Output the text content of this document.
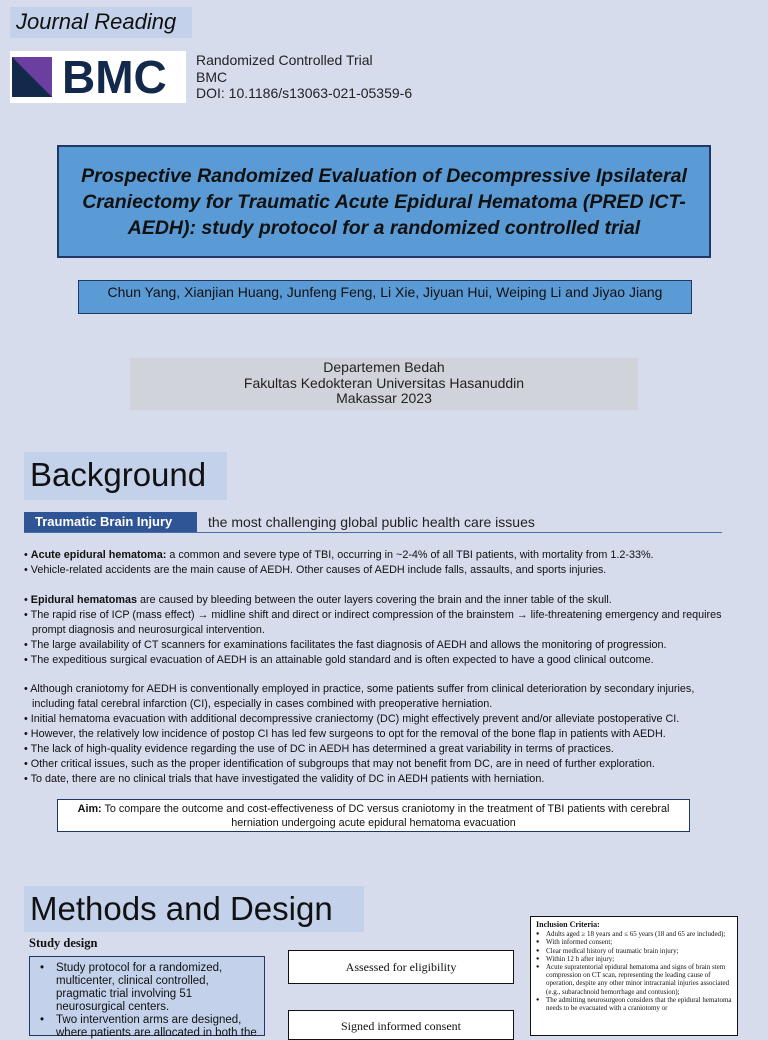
Journal Reading
BMC Randomized Controlled Trial
BMC
DOI: 10.1186/s13063-021-05359-6
Prospective Randomized Evaluation of Decompressive Ipsilateral Craniectomy for Traumatic Acute Epidural Hematoma (PRED ICT-AEDH): study protocol for a randomized controlled trial
Chun Yang, Xianjian Huang, Junfeng Feng, Li Xie, Jiyuan Hui, Weiping Li and Jiyao Jiang
Departemen Bedah
Fakultas Kedokteran Universitas Hasanuddin
Makassar 2023
Background
Traumatic Brain Injury	the most challenging global public health care issues
• Acute epidural hematoma: a common and severe type of TBI, occurring in ~2-4% of all TBI patients, with mortality from 1.2-33%.
• Vehicle-related accidents are the main cause of AEDH. Other causes of AEDH include falls, assaults, and sports injuries.
• Epidural hematomas are caused by bleeding between the outer layers covering the brain and the inner table of the skull.
• The rapid rise of ICP (mass effect) → midline shift and direct or indirect compression of the brainstem → life-threatening emergency and requires prompt diagnosis and neurosurgical intervention.
• The large availability of CT scanners for examinations facilitates the fast diagnosis of AEDH and allows the monitoring of progression.
• The expeditious surgical evacuation of AEDH is an attainable gold standard and is often expected to have a good clinical outcome.
• Although craniotomy for AEDH is conventionally employed in practice, some patients suffer from clinical deterioration by secondary injuries, including fatal cerebral infarction (CI), especially in cases combined with preoperative herniation.
• Initial hematoma evacuation with additional decompressive craniectomy (DC) might effectively prevent and/or alleviate postoperative CI.
• However, the relatively low incidence of postop CI has led few surgeons to opt for the removal of the bone flap in patients with AEDH.
• The lack of high-quality evidence regarding the use of DC in AEDH has determined a great variability in terms of practices.
• Other critical issues, such as the proper identification of subgroups that may not benefit from DC, are in need of further exploration.
• To date, there are no clinical trials that have investigated the validity of DC in AEDH patients with herniation.
Aim: To compare the outcome and cost-effectiveness of DC versus craniotomy in the treatment of TBI patients with cerebral herniation undergoing acute epidural hematoma evacuation
Methods and Design
Study design
• Study protocol for a randomized, multicenter, clinical controlled, pragmatic trial involving 51 neurosurgical centers.
• Two intervention arms are designed, where patients are allocated in both the
Assessed for eligibility
Signed informed consent
Inclusion Criteria:
● Adults aged ≥ 18 years and ≤ 65 years (18 and 65 are included);
● With informed consent;
● Clear medical history of traumatic brain injury;
● Within 12 h after injury;
● Acute supratentorial epidural hematoma and signs of brain stem compression on CT scan, representing the leading cause of operation, despite any other minor intracranial injuries associated (e.g., subarachnoid hemorrhage and contusion);
● The admitting neurosurgeon considers that the epidural hematoma needs to be evacuated with a craniotomy or
